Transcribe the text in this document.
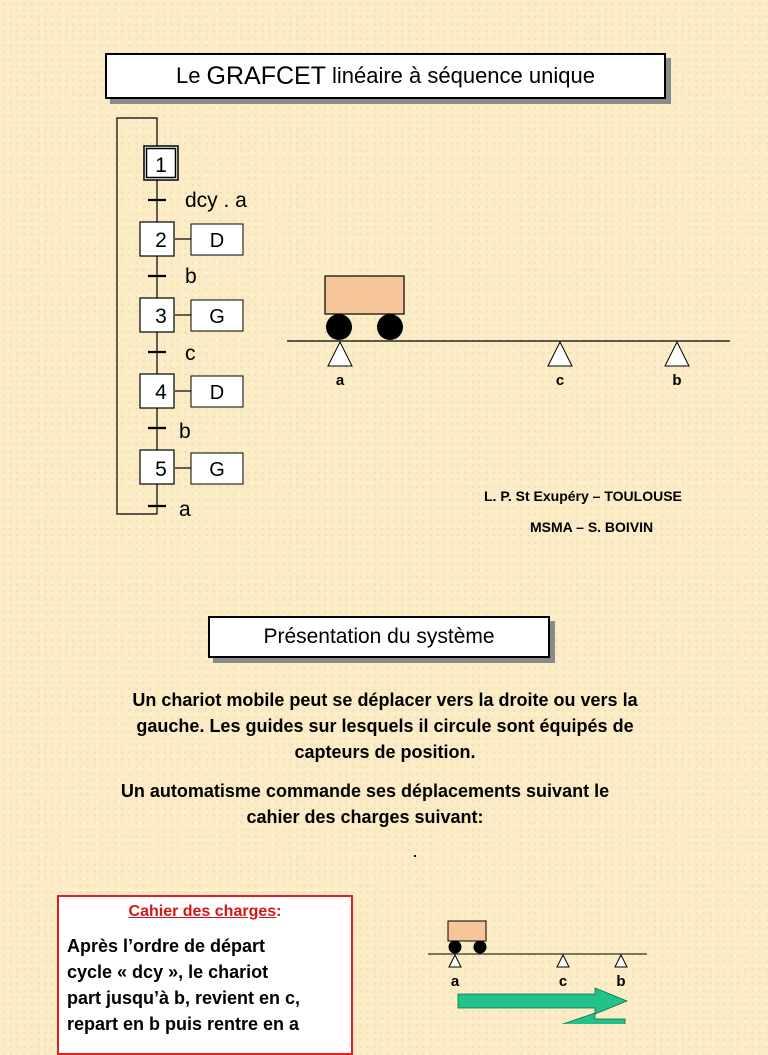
Le GRAFCET linéaire à séquence unique
1
2
3
4
5
D
G
D
G
dcy . a
b
c
b
a
a	c	b
L. P. St Exupéry – TOULOUSE
MSMA – S. BOIVIN
Présentation du système
Un chariot mobile peut se déplacer vers la droite ou vers la
gauche. Les guides sur lesquels il circule sont équipés de
capteurs de position.
Un automatisme commande ses déplacements suivant le
cahier des charges suivant:
Cahier des charges:
Après l’ordre de départ
cycle « dcy », le chariot
part jusqu’à b, revient en c,
repart en b puis rentre en a
a	c	b
